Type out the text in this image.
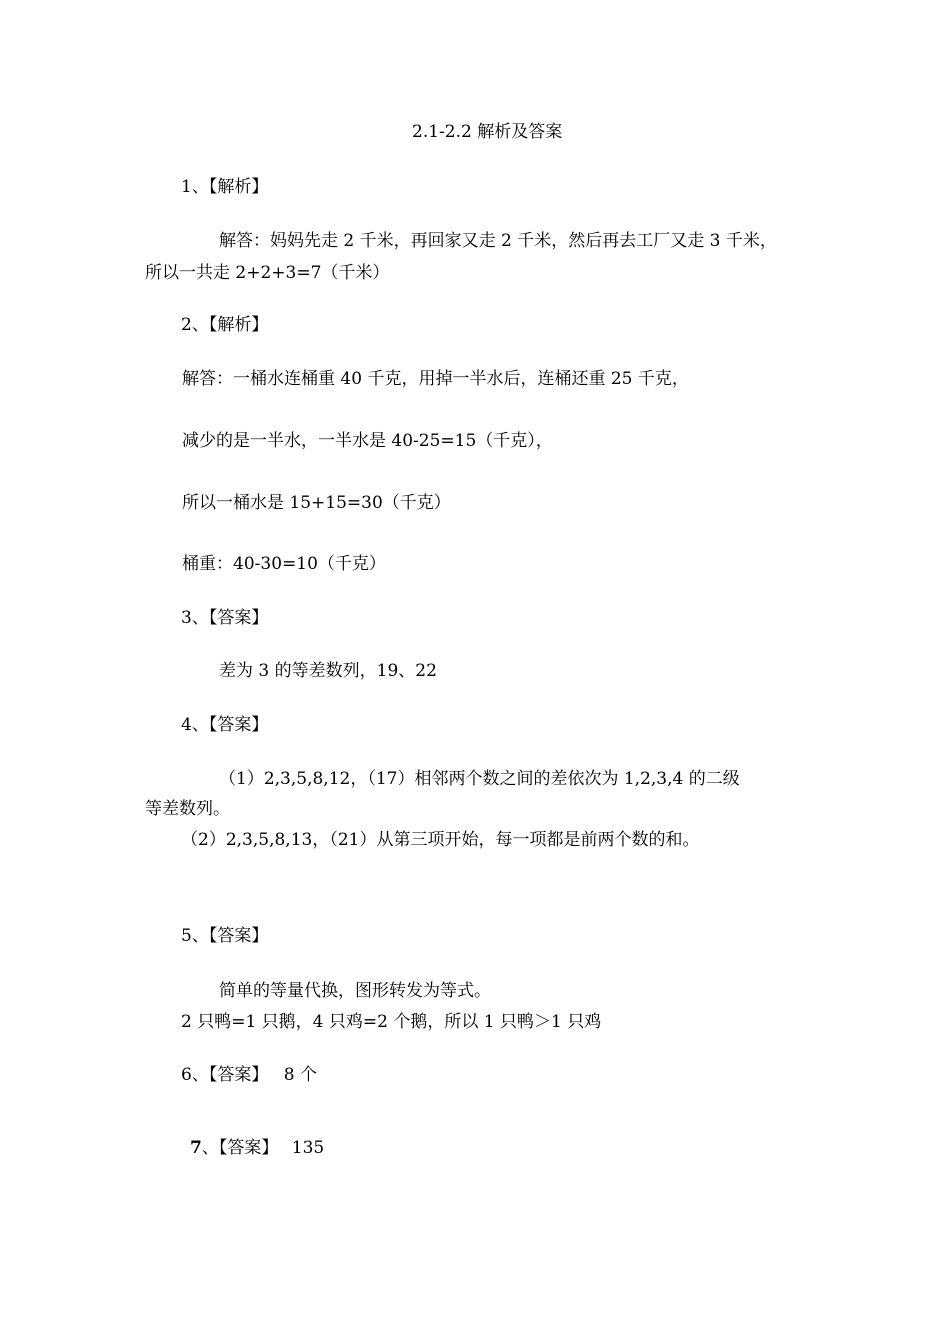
2.1-2.2 解析及答案
1、【解析】
解答：妈妈先走 2 千米，再回家又走 2 千米，然后再去工厂又走 3 千米，
所以一共走 2+2+3=7（千米）
2、【解析】
解答：一桶水连桶重 40 千克，用掉一半水后，连桶还重 25 千克，
减少的是一半水，一半水是 40-25=15（千克），
所以一桶水是 15+15=30（千克）
桶重：40-30=10（千克）
3、【答案】
差为 3 的等差数列，19、22
4、【答案】
（1）2,3,5,8,12，（17）相邻两个数之间的差依次为 1,2,3,4 的二级
等差数列。
（2）2,3,5,8,13，（21）从第三项开始，每一项都是前两个数的和。
5、【答案】
简单的等量代换，图形转发为等式。
2 只鸭=1 只鹅，4 只鸡=2 个鹅，所以 1 只鸭＞1 只鸡
6、【答案】 8 个
7、【答案】 135
